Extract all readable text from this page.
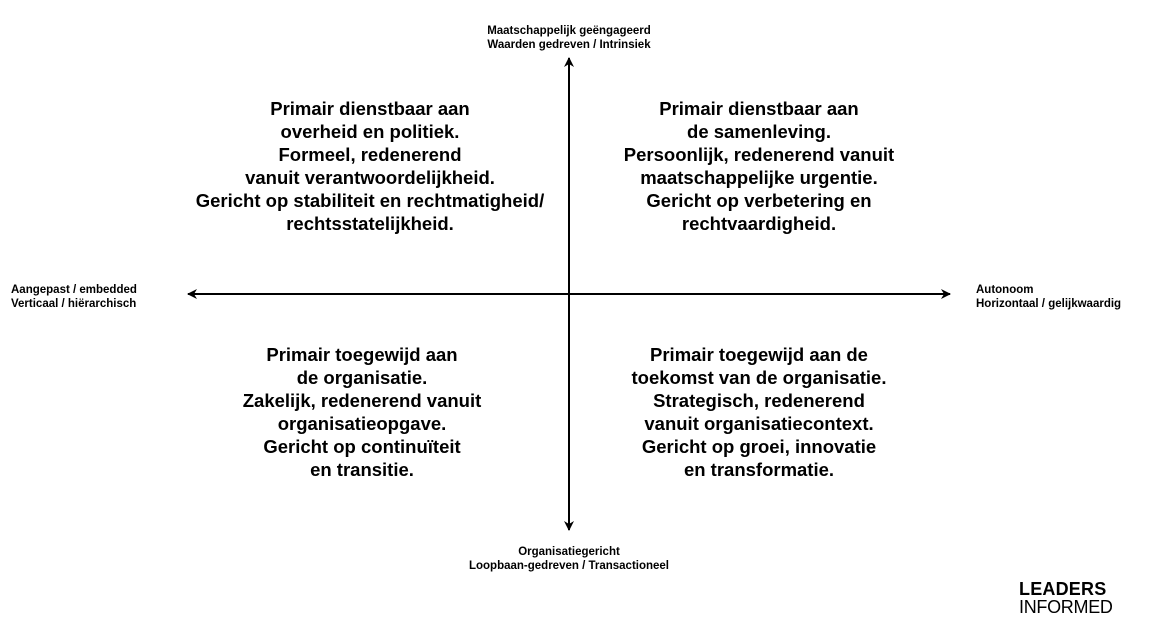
Maatschappelijk geëngageerd
Waarden gedreven / Intrinsiek
Organisatiegericht
Loopbaan-gedreven / Transactioneel
Aangepast / embedded
Verticaal / hiërarchisch
Autonoom
Horizontaal / gelijkwaardig
Primair dienstbaar aan
overheid en politiek.
Formeel, redenerend
vanuit verantwoordelijkheid.
Gericht op stabiliteit en rechtmatigheid/
rechtsstatelijkheid.
Primair dienstbaar aan
de samenleving.
Persoonlijk, redenerend vanuit
maatschappelijke urgentie.
Gericht op verbetering en
rechtvaardigheid.
Primair toegewijd aan
de organisatie.
Zakelijk, redenerend vanuit
organisatieopgave.
Gericht op continuïteit
en transitie.
Primair toegewijd aan de
toekomst van de organisatie.
Strategisch, redenerend
vanuit organisatiecontext.
Gericht op groei, innovatie
en transformatie.
LEADERS
INFORMED
